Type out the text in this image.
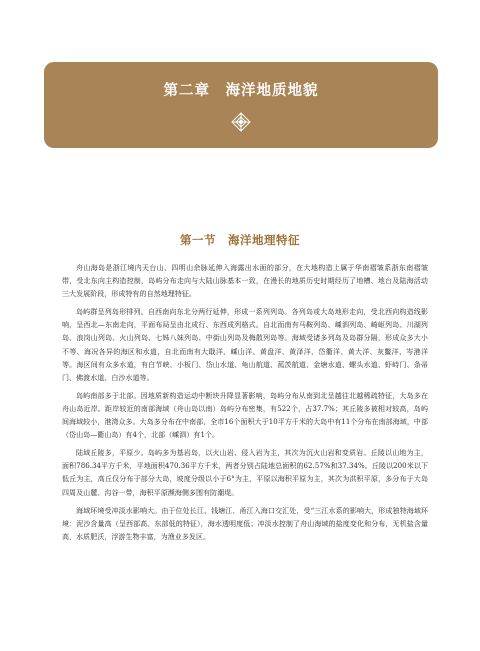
第二章　海洋地质地貌
第一节　海洋地理特征

舟山海岛是浙江境内天台山、四明山余脉延伸入海露出水面的部分，在大地构造上属于华南褶皱系浙东南褶皱带，受北东向主构造控制，岛屿分布走向与大陆山脉基本一致，在漫长的地质历史时期经历了地槽、地台及陆海活动三大发展阶段，形成特有的自然地理特征。

岛屿群呈列岛形排列。自西南向东北分两行延伸，形成一系列列岛。各列岛或大岛地形走向，受北西向构造线影响，呈西北—东南走向，平面布局呈由北成行、东西成列格式。自北而南有马鞍列岛、嵊泗列岛、崎岖列岛、川湖列岛、浪岗山列岛、火山列岛、七姊八妹列岛、中街山列岛及梅散列岛等。海域受诸多列岛及岛群分隔，形成众多大小不等、海况各异的海区和水道，自北而南有大戢洋、嵊山洋、黄盘洋、黄泽洋、岱衢洋、黄大洋、灰鳖洋、岑港洋等。海区间有众多水道，有白节峡、小板门、岱山水道、龟山航道、菰茨航道、金塘水道、螺头水道、虾峙门、条帚门、佛渡水道、白沙水道等。

岛屿南部多于北部。因地质新构造运动中断块升降显著影响，岛屿分布从南到北呈越往北越稀疏特征，大岛多在舟山岛近岸。距岸较近的南部海域（舟山岛以南）岛屿分布密集，有522个，占37.7%；其丘陵多被相对较高，岛屿间海域较小，港湾众多。大岛多分布在中南部，全市16个面积大于10平方千米的大岛中有11个分布在南部海域，中部（岱山岛—衢山岛）有4个，北部（嵊泗）有1个。

陆域丘陵多，平原少。岛屿多为基岩岛，以火山岩、侵入岩为主，其次为沉火山岩和变质岩。丘陵以山地为主，面积786.34平方千米，平地面积470.36平方千米，两者分别占陆地总面积的62.57%和37.34%。丘陵以200米以下低丘为主，高丘仅分布于部分大岛，坡度分级以小于6°为主，平原以海积平原为主，其次为洪积平原，多分布于大岛四周及山麓、沟谷一带，海积平原濒海侧多围有防潮堤。

海域环境受冲淡水影响大。由于位处长江、钱塘江、甬江入海口交汇处，受“三江水系的影响大，形成独特海域环境：泥沙含量高（呈西部高、东部低的特征），海水透明度低；冲淡水控制了舟山海域的盐度变化和分布，无机盐含量高，水质肥沃，浮游生物丰富，为渔业多发区。
